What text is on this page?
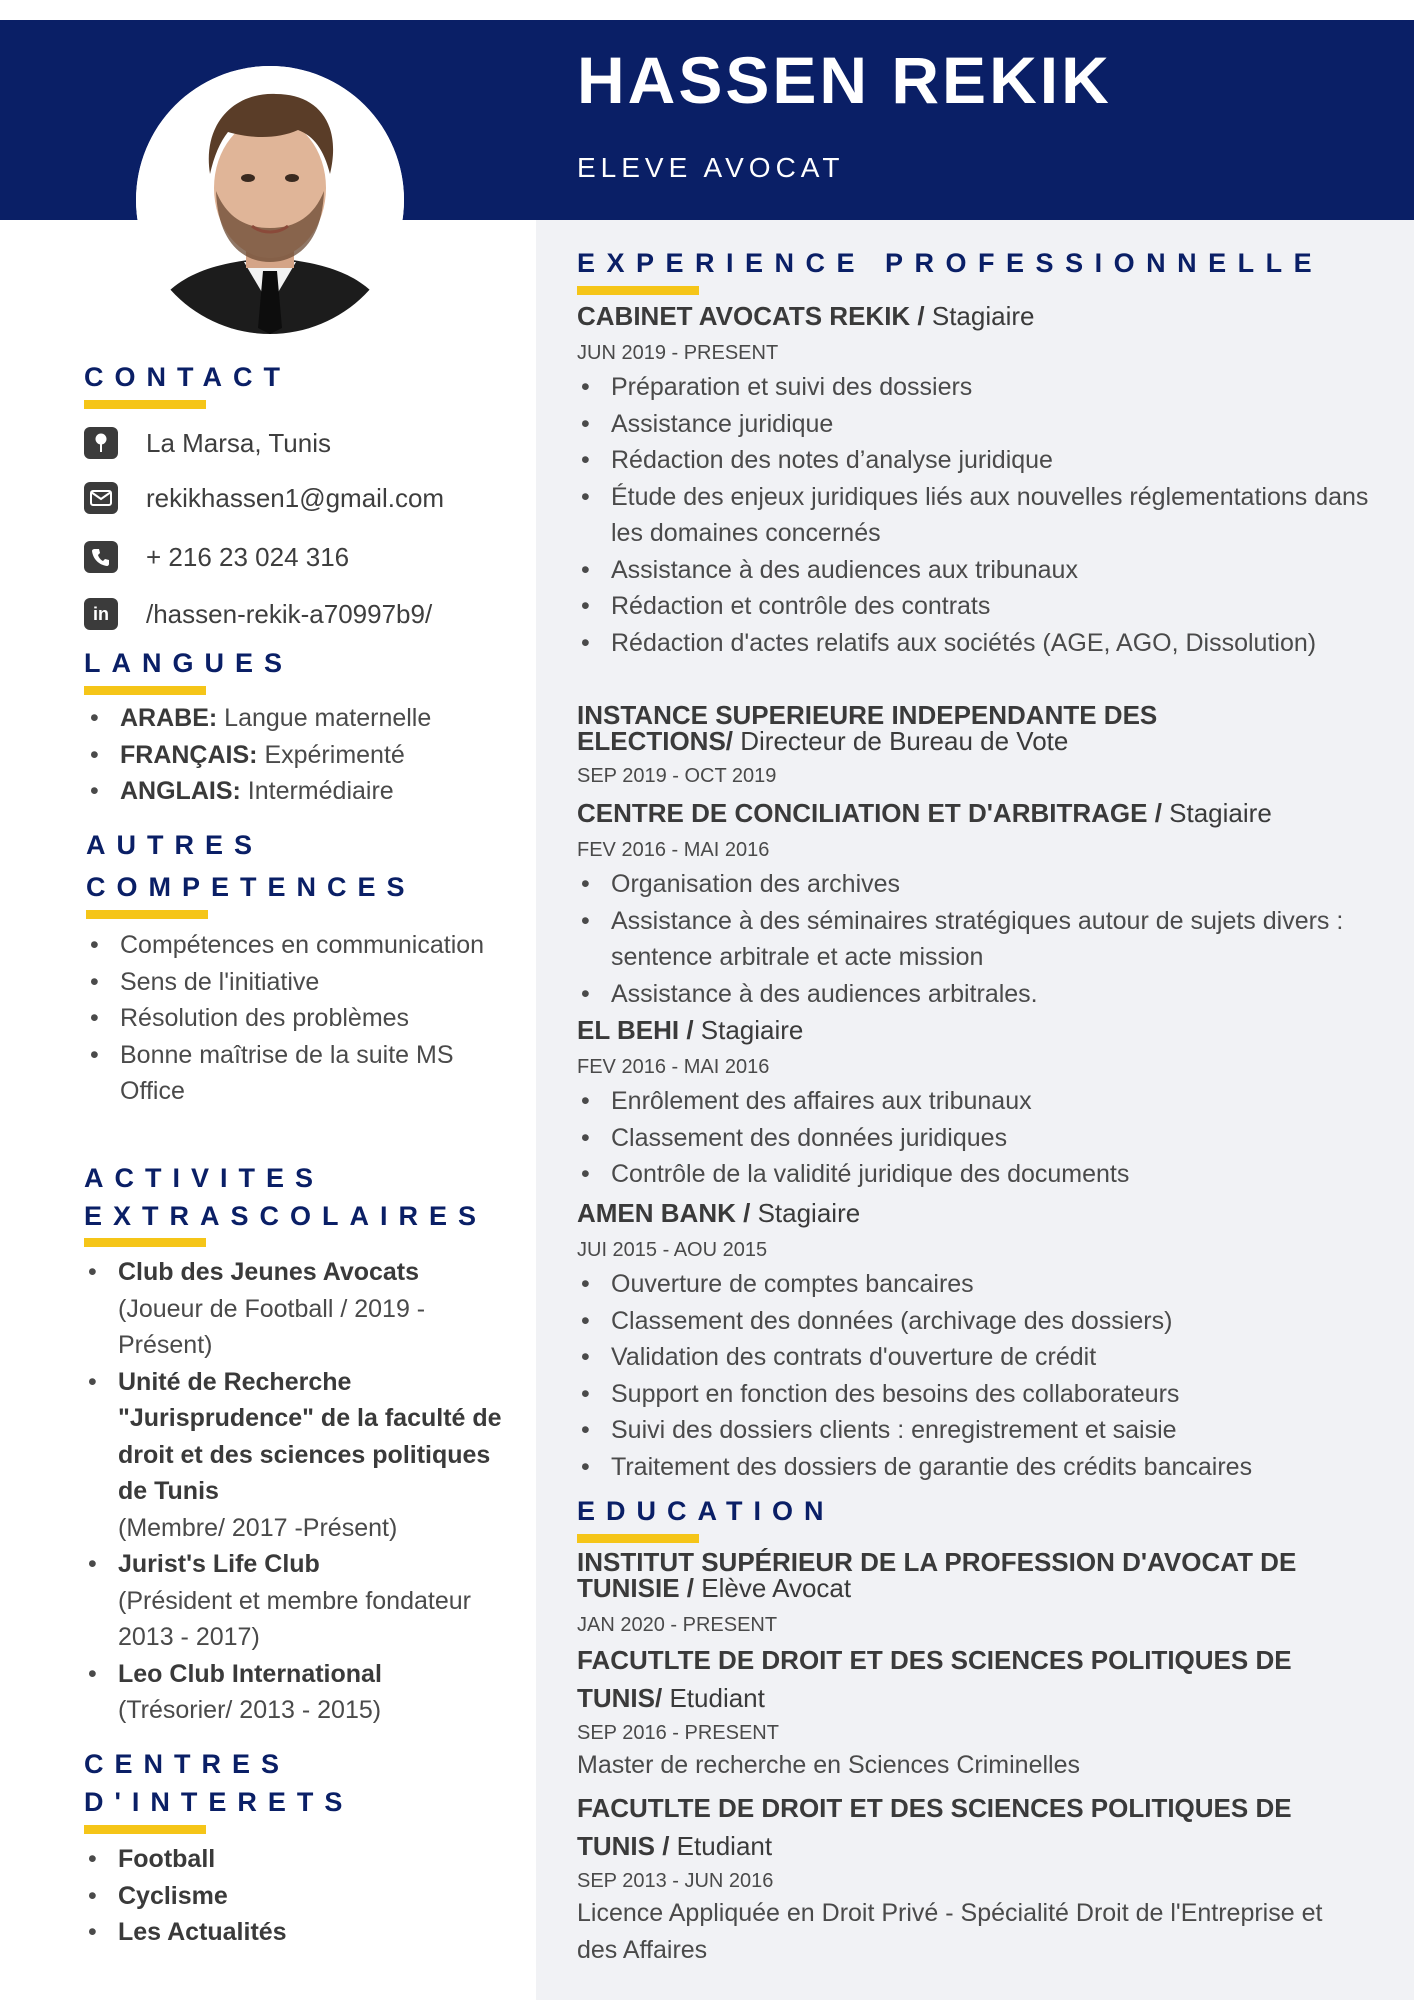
HASSEN REKIK
ELEVE AVOCAT
CONTACT
La Marsa, Tunis
rekikhassen1@gmail.com
+ 216 23 024 316
in /hassen-rekik-a70997b9/
LANGUES
• ARABE: Langue maternelle
• FRANÇAIS: Expérimenté
• ANGLAIS: Intermédiaire
AUTRES
COMPETENCES
• Compétences en communication
• Sens de l'initiative
• Résolution des problèmes
• Bonne maîtrise de la suite MS Office
ACTIVITES
EXTRASCOLAIRES
• Club des Jeunes Avocats
(Joueur de Football / 2019 - Présent)
• Unité de Recherche "Jurisprudence" de la faculté de droit et des sciences politiques de Tunis
(Membre/ 2017 -Présent)
• Jurist's Life Club
(Président et membre fondateur 2013 - 2017)
• Leo Club International
(Trésorier/ 2013 - 2015)
CENTRES
D'INTERETS
• Football
• Cyclisme
• Les Actualités
EXPERIENCE PROFESSIONNELLE
CABINET AVOCATS REKIK / Stagiaire
JUN 2019 - PRESENT
• Préparation et suivi des dossiers
• Assistance juridique
• Rédaction des notes d’analyse juridique
• Étude des enjeux juridiques liés aux nouvelles réglementations dans les domaines concernés
• Assistance à des audiences aux tribunaux
• Rédaction et contrôle des contrats
• Rédaction d'actes relatifs aux sociétés (AGE, AGO, Dissolution)
INSTANCE SUPERIEURE INDEPENDANTE DES ELECTIONS/ Directeur de Bureau de Vote
SEP 2019 - OCT 2019
CENTRE DE CONCILIATION ET D'ARBITRAGE / Stagiaire
FEV 2016 - MAI 2016
• Organisation des archives
• Assistance à des séminaires stratégiques autour de sujets divers : sentence arbitrale et acte mission
• Assistance à des audiences arbitrales.
EL BEHI / Stagiaire
FEV 2016 - MAI 2016
• Enrôlement des affaires aux tribunaux
• Classement des données juridiques
• Contrôle de la validité juridique des documents
AMEN BANK / Stagiaire
JUI 2015 - AOU 2015
• Ouverture de comptes bancaires
• Classement des données (archivage des dossiers)
• Validation des contrats d'ouverture de crédit
• Support en fonction des besoins des collaborateurs
• Suivi des dossiers clients : enregistrement et saisie
• Traitement des dossiers de garantie des crédits bancaires
EDUCATION
INSTITUT SUPÉRIEUR DE LA PROFESSION D'AVOCAT DE TUNISIE / Elève Avocat
JAN 2020 - PRESENT
FACUTLTE DE DROIT ET DES SCIENCES POLITIQUES DE TUNIS/ Etudiant
SEP 2016 - PRESENT
Master de recherche en Sciences Criminelles
FACUTLTE DE DROIT ET DES SCIENCES POLITIQUES DE TUNIS / Etudiant
SEP 2013 - JUN 2016
Licence Appliquée en Droit Privé - Spécialité Droit de l'Entreprise et des Affaires
